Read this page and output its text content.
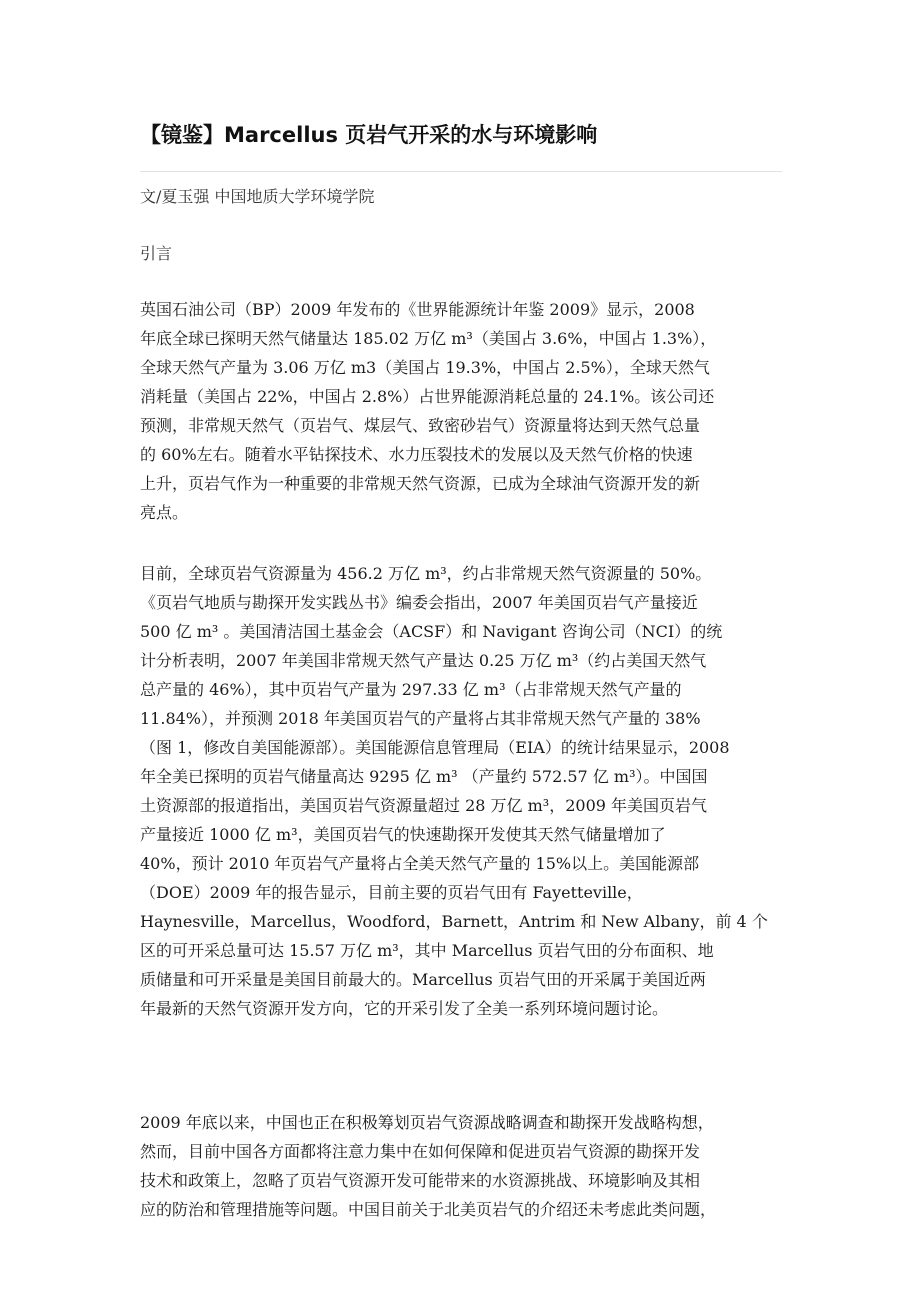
【镜鉴】Marcellus 页岩气开采的水与环境影响
文/夏玉强 中国地质大学环境学院
引言
英国石油公司（BP）2009 年发布的《世界能源统计年鉴 2009》显示，2008
年底全球已探明天然气储量达 185.02 万亿 m³（美国占 3.6%，中国占 1.3%），
全球天然气产量为 3.06 万亿 m3（美国占 19.3%，中国占 2.5%），全球天然气
消耗量（美国占 22%，中国占 2.8%）占世界能源消耗总量的 24.1%。该公司还
预测，非常规天然气（页岩气、煤层气、致密砂岩气）资源量将达到天然气总量
的 60%左右。随着水平钻探技术、水力压裂技术的发展以及天然气价格的快速
上升，页岩气作为一种重要的非常规天然气资源，已成为全球油气资源开发的新
亮点。
目前，全球页岩气资源量为 456.2 万亿 m³，约占非常规天然气资源量的 50%。
《页岩气地质与勘探开发实践丛书》编委会指出，2007 年美国页岩气产量接近
500 亿 m³ 。美国清洁国土基金会（ACSF）和 Navigant 咨询公司（NCI）的统
计分析表明，2007 年美国非常规天然气产量达 0.25 万亿 m³（约占美国天然气
总产量的 46%），其中页岩气产量为 297.33 亿 m³（占非常规天然气产量的
11.84%），并预测 2018 年美国页岩气的产量将占其非常规天然气产量的 38%
（图 1，修改自美国能源部）。美国能源信息管理局（EIA）的统计结果显示，2008
年全美已探明的页岩气储量高达 9295 亿 m³ （产量约 572.57 亿 m³）。中国国
土资源部的报道指出，美国页岩气资源量超过 28 万亿 m³，2009 年美国页岩气
产量接近 1000 亿 m³，美国页岩气的快速勘探开发使其天然气储量增加了
40%，预计 2010 年页岩气产量将占全美天然气产量的 15%以上。美国能源部
（DOE）2009 年的报告显示，目前主要的页岩气田有 Fayetteville，
Haynesville，Marcellus，Woodford，Barnett，Antrim 和 New Albany，前 4 个
区的可开采总量可达 15.57 万亿 m³，其中 Marcellus 页岩气田的分布面积、地
质储量和可开采量是美国目前最大的。Marcellus 页岩气田的开采属于美国近两
年最新的天然气资源开发方向，它的开采引发了全美一系列环境问题讨论。
2009 年底以来，中国也正在积极筹划页岩气资源战略调查和勘探开发战略构想，
然而，目前中国各方面都将注意力集中在如何保障和促进页岩气资源的勘探开发
技术和政策上，忽略了页岩气资源开发可能带来的水资源挑战、环境影响及其相
应的防治和管理措施等问题。中国目前关于北美页岩气的介绍还未考虑此类问题，
